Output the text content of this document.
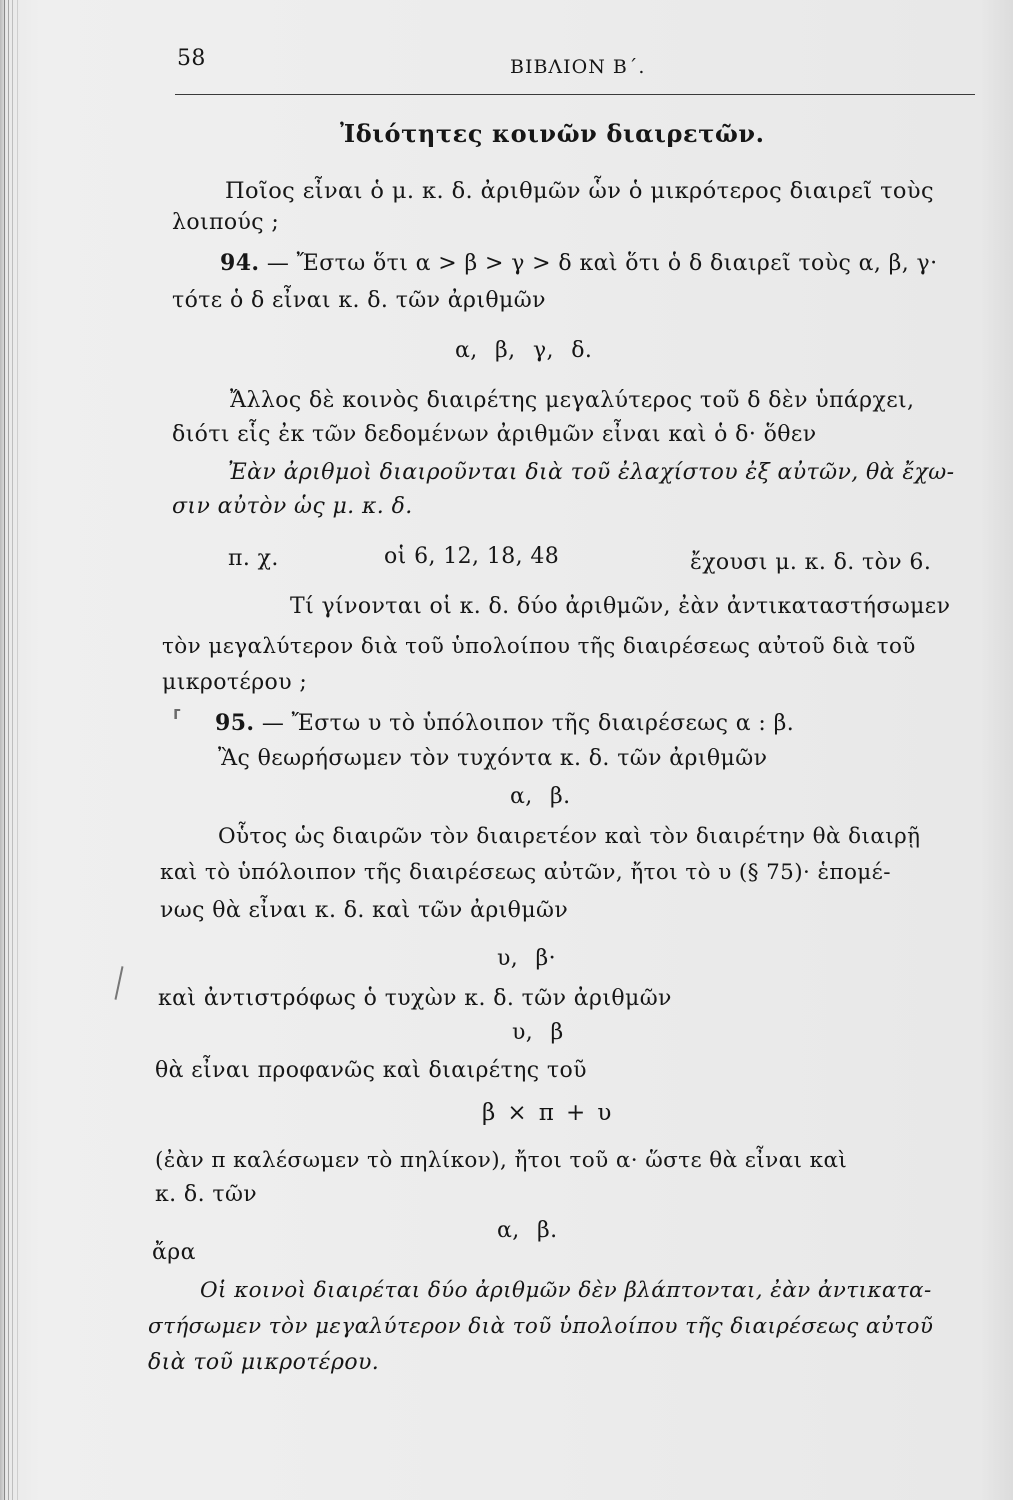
58	ΒΙΒΛΙΟΝ Β΄.
Ἰδιότητες κοινῶν διαιρετῶν.
Ποῖος εἶναι ὁ μ. κ. δ. ἀριθμῶν ὧν ὁ μικρότερος διαιρεῖ τοὺς
λοιπούς ;
94. — Ἔστω ὅτι α > β > γ > δ καὶ ὅτι ὁ δ διαιρεῖ τοὺς α, β, γ·
τότε ὁ δ εἶναι κ. δ. τῶν ἀριθμῶν
α, β, γ, δ.
Ἄλλος δὲ κοινὸς διαιρέτης μεγαλύτερος τοῦ δ δὲν ὑπάρχει,
διότι εἷς ἐκ τῶν δεδομένων ἀριθμῶν εἶναι καὶ ὁ δ· ὅθεν
Ἐὰν ἀριθμοὶ διαιροῦνται διὰ τοῦ ἐλαχίστου ἐξ αὐτῶν, θὰ ἔχω-
σιν αὐτὸν ὡς μ. κ. δ.
π. χ.	οἱ 6, 12, 18, 48	ἔχουσι μ. κ. δ. τὸν 6.
Τί γίνονται οἱ κ. δ. δύο ἀριθμῶν, ἐὰν ἀντικαταστήσωμεν
τὸν μεγαλύτερον διὰ τοῦ ὑπολοίπου τῆς διαιρέσεως αὐτοῦ διὰ τοῦ
μικροτέρου ;
⸢ 95. — Ἔστω υ τὸ ὑπόλοιπον τῆς διαιρέσεως α : β.
Ἂς θεωρήσωμεν τὸν τυχόντα κ. δ. τῶν ἀριθμῶν
α, β.
Οὗτος ὡς διαιρῶν τὸν διαιρετέον καὶ τὸν διαιρέτην θὰ διαιρῇ
καὶ τὸ ὑπόλοιπον τῆς διαιρέσεως αὐτῶν, ἤτοι τὸ υ (§ 75)· ἑπομέ-
νως θὰ εἶναι κ. δ. καὶ τῶν ἀριθμῶν
υ, β·
καὶ ἀντιστρόφως ὁ τυχὼν κ. δ. τῶν ἀριθμῶν
υ, β
θὰ εἶναι προφανῶς καὶ διαιρέτης τοῦ
β × π + υ
(ἐὰν π καλέσωμεν τὸ πηλίκον), ἤτοι τοῦ α· ὥστε θὰ εἶναι καὶ
κ. δ. τῶν
α, β.
ἄρα
Οἱ κοινοὶ διαιρέται δύο ἀριθμῶν δὲν βλάπτονται, ἐὰν ἀντικατα-
στήσωμεν τὸν μεγαλύτερον διὰ τοῦ ὑπολοίπου τῆς διαιρέσεως αὐτοῦ
διὰ τοῦ μικροτέρου.
